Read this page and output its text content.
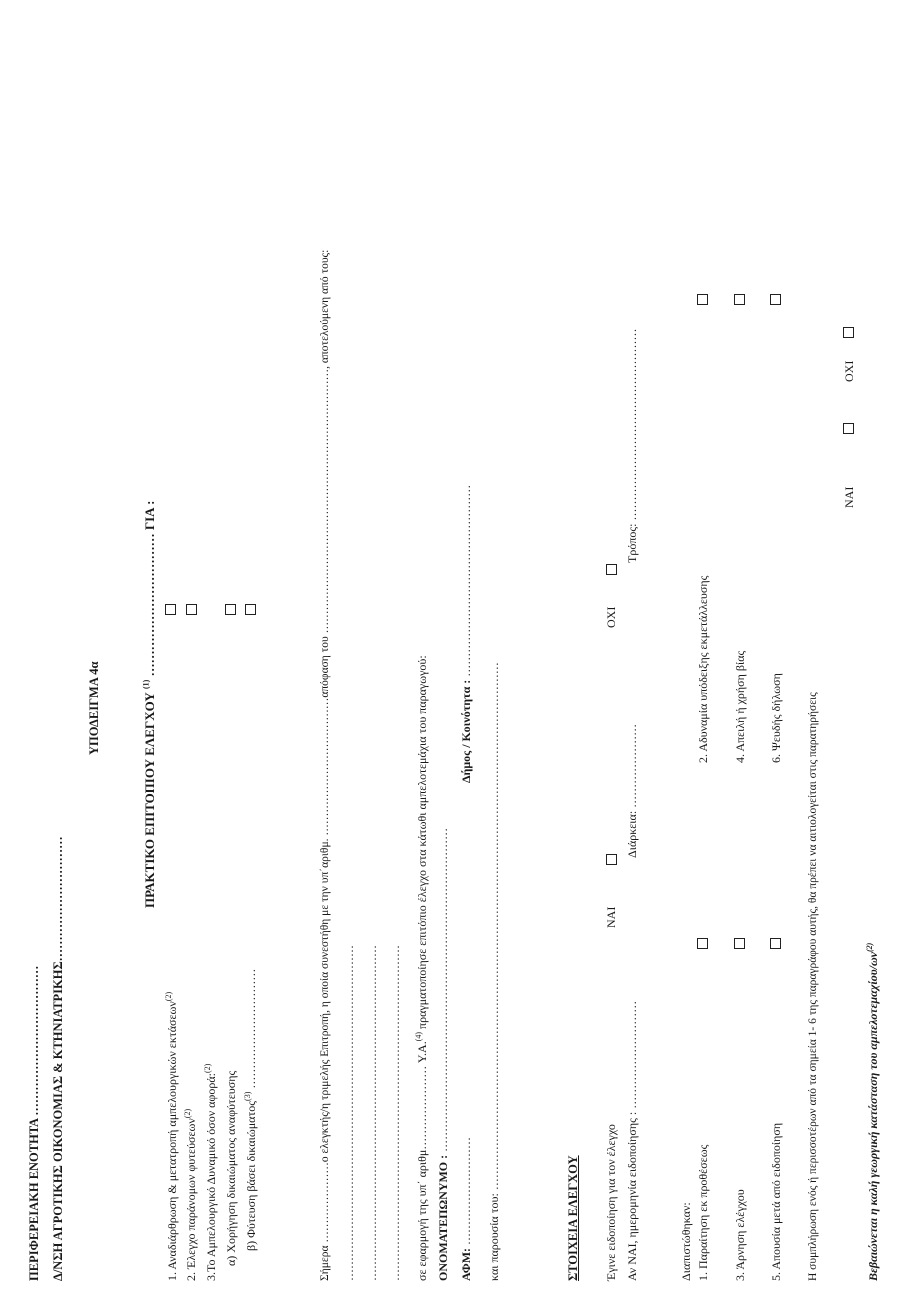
ΠΕΡΙΦΕΡΕΙΑΚΗ ΕΝΟΤΗΤΑ ……………………………… Δ/ΝΣΗ ΑΓΡΟΤΙΚΗΣ ΟΙΚΟΝΟΜΙΑΣ & ΚΤΗΝΙΑΤΡΙΚΗΣ…………………………
ΥΠΟΔΕΙΓΜΑ 4α	ΠΡΑΚΤΙΚΟ ΕΠΙΤΟΠΙΟΥ ΕΛΕΓΧΟΥ $^{(1)}$ …………………………… ΓΙΑ :
1. Αναδιάρθρωση & μετατροπή αμπελουργικών εκτάσεων$^{(2)}$
2. Έλεγχο παράνομων φυτεύσεων$^{(2)}$	3.Το Αμπελουργικό Δυναμικό όσον αφορά:$^{(2)}$
α) Χορήγηση δικαιώματος αναφύτευσης β) Φύτευση βάσει δικαιώματος$^{(3)}$ …………………………	Σήμερα …………………ο ελεγκτής/η τριμελής Επιτροπή, η οποία συνεστήθη με την υπ΄αριθμ. ………………………………απόφαση του ……………………………………………………………, αποτελούμενη από τους: ………………………………………………………………………… ………………………………………………………………………… ………………………………………………………………………… σε εφαρμογή της υπ΄ αριθμ………………… Υ.Α.$^{(4)}$ πραγματοποίησε επιτόπιο έλεγχο στα κάτωθι αμπελοτεμάχια του παραγωγού:
ΟΝΟΜΑΤΕΠΩΝΥΜΟ : ………………………………………………………………………
ΑΦΜ: ………………………
Δήμος / Κοινότητα : …………………………………………
και παρουσία του: ……………………………………………………………………………………………………………………	ΣΤΟΙΧΕΙΑ ΕΛΕΓΧΟΥ Έγινε ειδοποίηση για τον έλεγχο
ΝΑΙ
ΟΧΙ
Αν ΝΑΙ, ημερομηνία ειδοποίησης : ………………………
Διάρκεια: …………………
Τρόπος: …………………………………………
Διαπιστώθηκαν: 1. Παραίτηση εκ προθέσεως
2. Αδυναμία υπόδειξης εκμετάλλευσης
3. Άρνηση ελέγχου
4. Απειλή ή χρήση βίας
5. Απουσία μετά από ειδοποίηση
6. Ψευδής δήλωση Η συμπλήρωση ενός ή περισσοτέρων από τα σημεία 1- 6 της παραγράφου αυτής, θα πρέπει να αιτιολογείται στις παρατηρήσεις
ΝΑΙ
ΟΧΙ
Βεβαιώνεται η καλή γεωργική κατάσταση του αμπελοτεμαχίου/$\omega\nu^{(2)}$
